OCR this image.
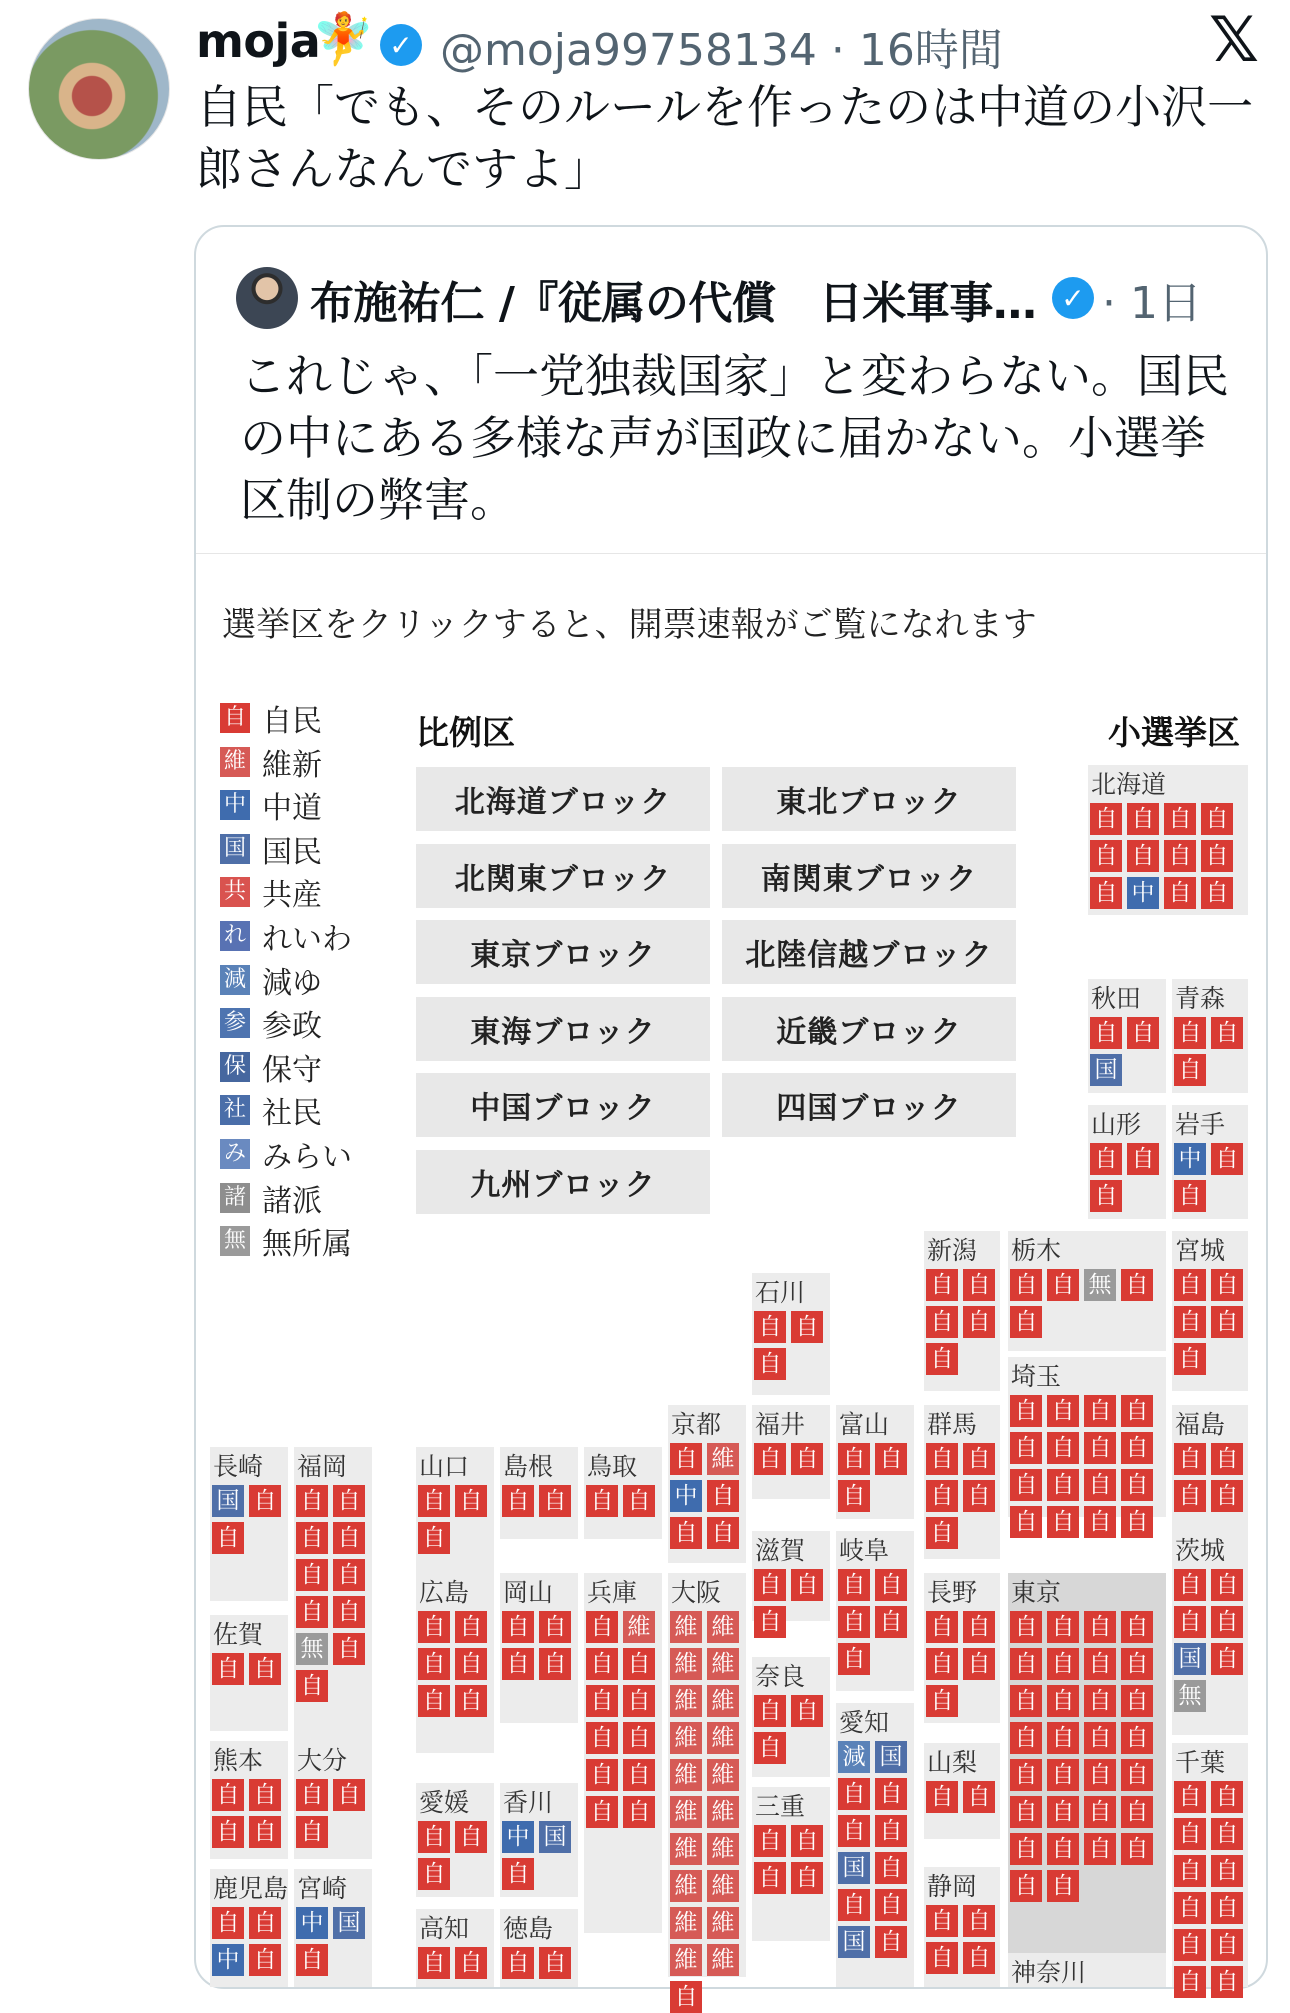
moja
🧚 ✓ @moja99758134 · 16時間	𝕏
自民「でも、そのルールを作ったのは中道の小沢一郎さんなんですよ」
布施祐仁 /『従属の代償　日米軍事… ✓ · 1日
これじゃ、「一党独裁国家」と変わらない。国民の中にある多様な声が国政に届かない。小選挙区制の弊害。
選挙区をクリックすると、開票速報がご覧になれます
自 自民
維 維新
中 中道
国 国民
共 共産
れ れいわ
減 減ゆ
参 参政
保 保守
社 社民
み みらい
諸 諸派
無 無所属
比例区	小選挙区
北海道ブロック	東北ブロック
北関東ブロック	南関東ブロック
東京ブロック	北陸信越ブロック
東海ブロック	近畿ブロック
中国ブロック	四国ブロック
九州ブロック
北海道
自 自 自 自
自 自 自 自
自 中 自 自
秋田
自 自
国
青森
自 自
自
山形
自 自
自
岩手
中 自
自
新潟
自 自
自 自
自
栃木
自 自 無 自
自
宮城
自 自
自 自
自
石川
自 自
自	埼玉
自 自 自 自
自 自 自 自
自 自 自 自
自 自 自 自
京都
自 維
中 自
自 自
福井
自 自
富山
自 自
自
群馬
自 自
自 自
自
福島
自 自
自 自
長崎
国 自
自
福岡
自 自
自 自
自 自
自 自
無 自
自
山口
自 自
自
島根
自 自
鳥取
自 自
滋賀
自 自
自
岐阜
自 自
自 自
自
茨城
自 自
自 自
国 自
無
佐賀
自 自
広島
自 自
自 自
自 自
岡山
自 自
自 自
兵庫
自 維
自 自
自 自
自 自
自 自
自 自
大阪
維 維
維 維
維 維
維 維
維 維
維 維
維 維
維 維
維 維
維 維
自
長野
自 自
自 自
自
東京
自 自 自 自
自 自 自 自
自 自 自 自
自 自 自 自
自 自 自 自
自 自 自 自
自 自 自 自
自 自
奈良
自 自
自
愛知
減 国
自 自
自 自
国 自
自 自
国 自
熊本
自 自
自 自
大分
自 自
自
山梨
自 自
千葉
自 自
自 自
自 自
自 自
自 自
自 自
愛媛
自 自
自
香川
中 国
自
三重
自 自
自 自	静岡
自 自
自 自
鹿児島
自 自
中 自
宮崎
中 国
自
高知
自 自
徳島
自 自	神奈川
